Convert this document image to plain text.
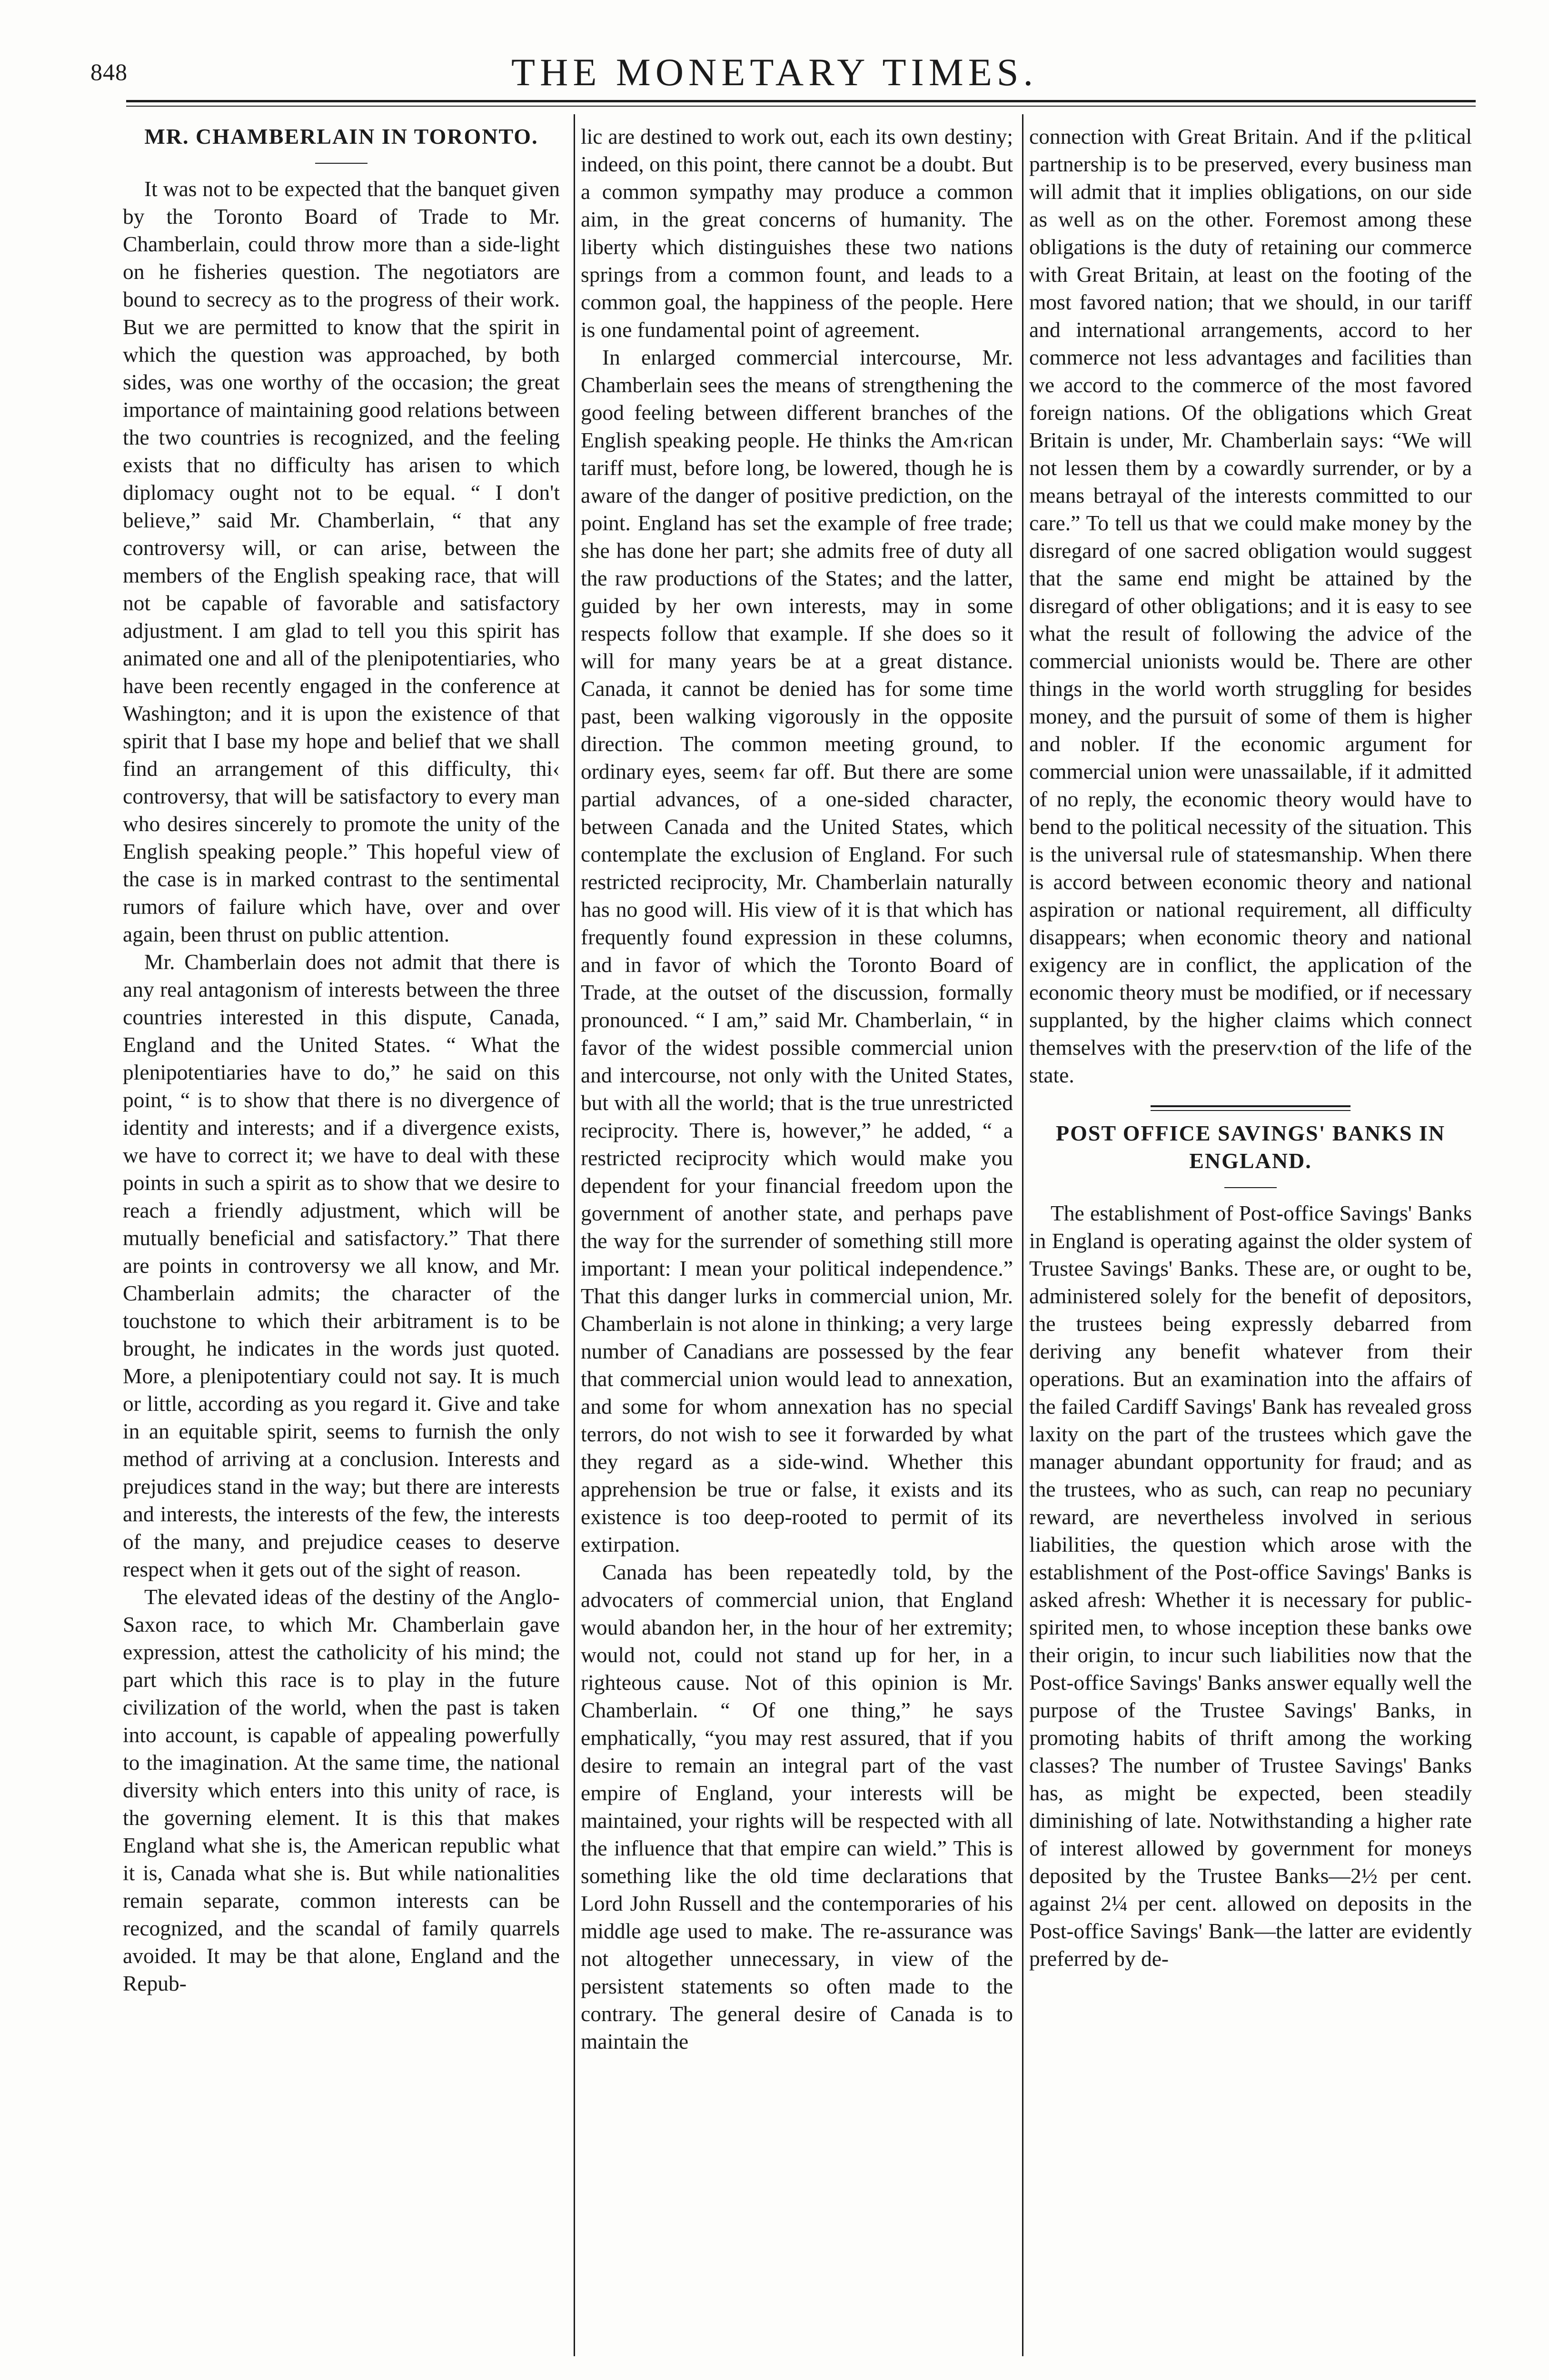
848	THE MONETARY TIMES.
MR. CHAMBERLAIN IN TORONTO.

It was not to be expected that the banquet given by the Toronto Board of Trade to Mr. Chamberlain, could throw more than a side-light on he fisheries question. The negotiators are bound to secrecy as to the progress of their work. But we are permitted to know that the spirit in which the question was approached, by both sides, was one worthy of the occasion; the great importance of maintaining good relations between the two countries is recognized, and the feeling exists that no difficulty has arisen to which diplomacy ought not to be equal. “ I don't believe,” said Mr. Chamberlain, “ that any controversy will, or can arise, between the members of the English speaking race, that will not be capable of favorable and satisfactory adjustment. I am glad to tell you this spirit has animated one and all of the plenipotentiaries, who have been recently engaged in the conference at Washington; and it is upon the existence of that spirit that I base my hope and belief that we shall find an arrangement of this difficulty, thi‹ controversy, that will be satisfactory to every man who desires sincerely to promote the unity of the English speaking people.” This hopeful view of the case is in marked contrast to the sentimental rumors of failure which have, over and over again, been thrust on public attention.

Mr. Chamberlain does not admit that there is any real antagonism of interests between the three countries interested in this dispute, Canada, England and the United States. “ What the plenipotentiaries have to do,” he said on this point, “ is to show that there is no divergence of identity and interests; and if a divergence exists, we have to correct it; we have to deal with these points in such a spirit as to show that we desire to reach a friendly adjustment, which will be mutually beneficial and satisfactory.” That there are points in controversy we all know, and Mr. Chamberlain admits; the character of the touchstone to which their arbitrament is to be brought, he indicates in the words just quoted. More, a plenipotentiary could not say. It is much or little, according as you regard it. Give and take in an equitable spirit, seems to furnish the only method of arriving at a conclusion. Interests and prejudices stand in the way; but there are interests and interests, the interests of the few, the interests of the many, and prejudice ceases to deserve respect when it gets out of the sight of reason.

The elevated ideas of the destiny of the Anglo-Saxon race, to which Mr. Chamberlain gave expression, attest the catholicity of his mind; the part which this race is to play in the future civilization of the world, when the past is taken into account, is capable of appealing powerfully to the imagination. At the same time, the national diversity which enters into this unity of race, is the governing element. It is this that makes England what she is, the American republic what it is, Canada what she is. But while nationalities remain separate, common interests can be recognized, and the scandal of family quarrels avoided. It may be that alone, England and the Repub-

lic are destined to work out, each its own destiny; indeed, on this point, there cannot be a doubt. But a common sympathy may produce a common aim, in the great concerns of humanity. The liberty which distinguishes these two nations springs from a common fount, and leads to a common goal, the happiness of the people. Here is one fundamental point of agreement.

In enlarged commercial intercourse, Mr. Chamberlain sees the means of strengthening the good feeling between different branches of the English speaking people. He thinks the Am‹rican tariff must, before long, be lowered, though he is aware of the danger of positive prediction, on the point. England has set the example of free trade; she has done her part; she admits free of duty all the raw productions of the States; and the latter, guided by her own interests, may in some respects follow that example. If she does so it will for many years be at a great distance. Canada, it cannot be denied has for some time past, been walking vigorously in the opposite direction. The common meeting ground, to ordinary eyes, seem‹ far off. But there are some partial advances, of a one-sided character, between Canada and the United States, which contemplate the exclusion of England. For such restricted reciprocity, Mr. Chamberlain naturally has no good will. His view of it is that which has frequently found expression in these columns, and in favor of which the Toronto Board of Trade, at the outset of the discussion, formally pronounced. “ I am,” said Mr. Chamberlain, “ in favor of the widest possible commercial union and intercourse, not only with the United States, but with all the world; that is the true unrestricted reciprocity. There is, however,” he added, “ a restricted reciprocity which would make you dependent for your financial freedom upon the government of another state, and perhaps pave the way for the surrender of something still more important: I mean your political independence.” That this danger lurks in commercial union, Mr. Chamberlain is not alone in thinking; a very large number of Canadians are possessed by the fear that commercial union would lead to annexation, and some for whom annexation has no special terrors, do not wish to see it forwarded by what they regard as a side-wind. Whether this apprehension be true or false, it exists and its existence is too deep-rooted to permit of its extirpation.

Canada has been repeatedly told, by the advocaters of commercial union, that England would abandon her, in the hour of her extremity; would not, could not stand up for her, in a righteous cause. Not of this opinion is Mr. Chamberlain. “ Of one thing,” he says emphatically, “you may rest assured, that if you desire to remain an integral part of the vast empire of England, your interests will be maintained, your rights will be respected with all the influence that that empire can wield.” This is something like the old time declarations that Lord John Russell and the contemporaries of his middle age used to make. The re-assurance was not altogether unnecessary, in view of the persistent statements so often made to the contrary. The general desire of Canada is to maintain the

connection with Great Britain. And if the p‹litical partnership is to be preserved, every business man will admit that it implies obligations, on our side as well as on the other. Foremost among these obligations is the duty of retaining our commerce with Great Britain, at least on the footing of the most favored nation; that we should, in our tariff and international arrangements, accord to her commerce not less advantages and facilities than we accord to the commerce of the most favored foreign nations. Of the obligations which Great Britain is under, Mr. Chamberlain says: “We will not lessen them by a cowardly surrender, or by a means betrayal of the interests committed to our care.” To tell us that we could make money by the disregard of one sacred obligation would suggest that the same end might be attained by the disregard of other obligations; and it is easy to see what the result of following the advice of the commercial unionists would be. There are other things in the world worth struggling for besides money, and the pursuit of some of them is higher and nobler. If the economic argument for commercial union were unassailable, if it admitted of no reply, the economic theory would have to bend to the political necessity of the situation. This is the universal rule of statesmanship. When there is accord between economic theory and national aspiration or national requirement, all difficulty disappears; when economic theory and national exigency are in conflict, the application of the economic theory must be modified, or if necessary supplanted, by the higher claims which connect themselves with the preserv‹tion of the life of the state.

POST OFFICE SAVINGS' BANKS IN ENGLAND.

The establishment of Post-office Savings' Banks in England is operating against the older system of Trustee Savings' Banks. These are, or ought to be, administered solely for the benefit of depositors, the trustees being expressly debarred from deriving any benefit whatever from their operations. But an examination into the affairs of the failed Cardiff Savings' Bank has revealed gross laxity on the part of the trustees which gave the manager abundant opportunity for fraud; and as the trustees, who as such, can reap no pecuniary reward, are nevertheless involved in serious liabilities, the question which arose with the establishment of the Post-office Savings' Banks is asked afresh: Whether it is necessary for public-spirited men, to whose inception these banks owe their origin, to incur such liabilities now that the Post-office Savings' Banks answer equally well the purpose of the Trustee Savings' Banks, in promoting habits of thrift among the working classes? The number of Trustee Savings' Banks has, as might be expected, been steadily diminishing of late. Notwithstanding a higher rate of interest allowed by government for moneys deposited by the Trustee Banks—2½ per cent. against 2¼ per cent. allowed on deposits in the Post-office Savings' Bank—the latter are evidently preferred by de-
